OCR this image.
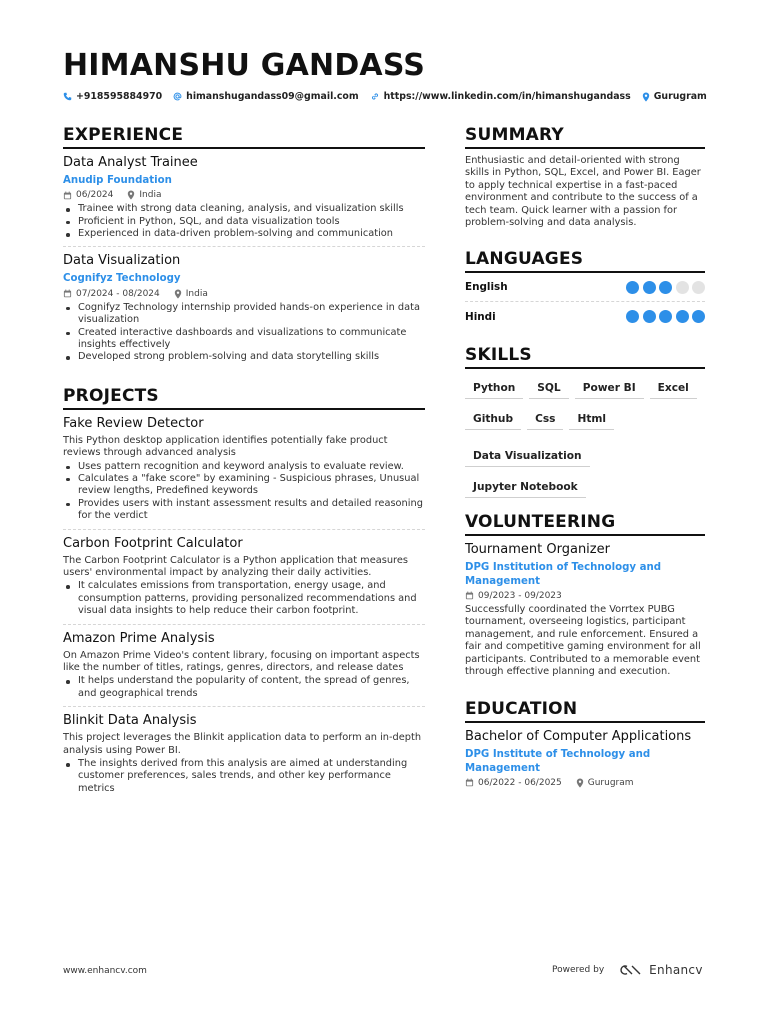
HIMANSHU GANDASS
+918595884970	himanshugandass09@gmail.com	https://www.linkedin.com/in/himanshugandass Gurugram
EXPERIENCE
Data Analyst Trainee
Anudip Foundation
06/2024	India
Trainee with strong data cleaning, analysis, and visualization skills
Proficient in Python, SQL, and data visualization tools
Experienced in data-driven problem-solving and communication
Data Visualization
Cognifyz Technology
07/2024 - 08/2024	India
Cognifyz Technology internship provided hands-on experience in data visualization
Created interactive dashboards and visualizations to communicate insights effectively
Developed strong problem-solving and data storytelling skills
PROJECTS
Fake Review Detector
This Python desktop application identifies potentially fake product reviews through advanced analysis
Uses pattern recognition and keyword analysis to evaluate review.
Calculates a "fake score" by examining - Suspicious phrases, Unusual review lengths, Predefined keywords
Provides users with instant assessment results and detailed reasoning for the verdict
Carbon Footprint Calculator
The Carbon Footprint Calculator is a Python application that measures users' environmental impact by analyzing their daily activities.
It calculates emissions from transportation, energy usage, and consumption patterns, providing personalized recommendations and visual data insights to help reduce their carbon footprint.
Amazon Prime Analysis
On Amazon Prime Video's content library, focusing on important aspects like the number of titles, ratings, genres, directors, and release dates
It helps understand the popularity of content, the spread of genres, and geographical trends
Blinkit Data Analysis
This project leverages the Blinkit application data to perform an in-depth analysis using Power BI.
The insights derived from this analysis are aimed at understanding customer preferences, sales trends, and other key performance metrics
SUMMARY
Enthusiastic and detail-oriented with strong skills in Python, SQL, Excel, and Power BI. Eager to apply technical expertise in a fast-paced environment and contribute to the success of a tech team. Quick learner with a passion for problem-solving and data analysis.
LANGUAGES
English
Hindi
SKILLS
Python	SQL	Power BI	Excel
Github	Css	Html
Data Visualization
Jupyter Notebook
VOLUNTEERING
Tournament Organizer
DPG Institution of Technology and Management
09/2023 - 09/2023
Successfully coordinated the Vorrtex PUBG tournament, overseeing logistics, participant management, and rule enforcement. Ensured a fair and competitive gaming environment for all participants. Contributed to a memorable event through effective planning and execution.
EDUCATION
Bachelor of Computer Applications
DPG Institute of Technology and Management
06/2022 - 06/2025	Gurugram
www.enhancv.com	Powered by	Enhancv
